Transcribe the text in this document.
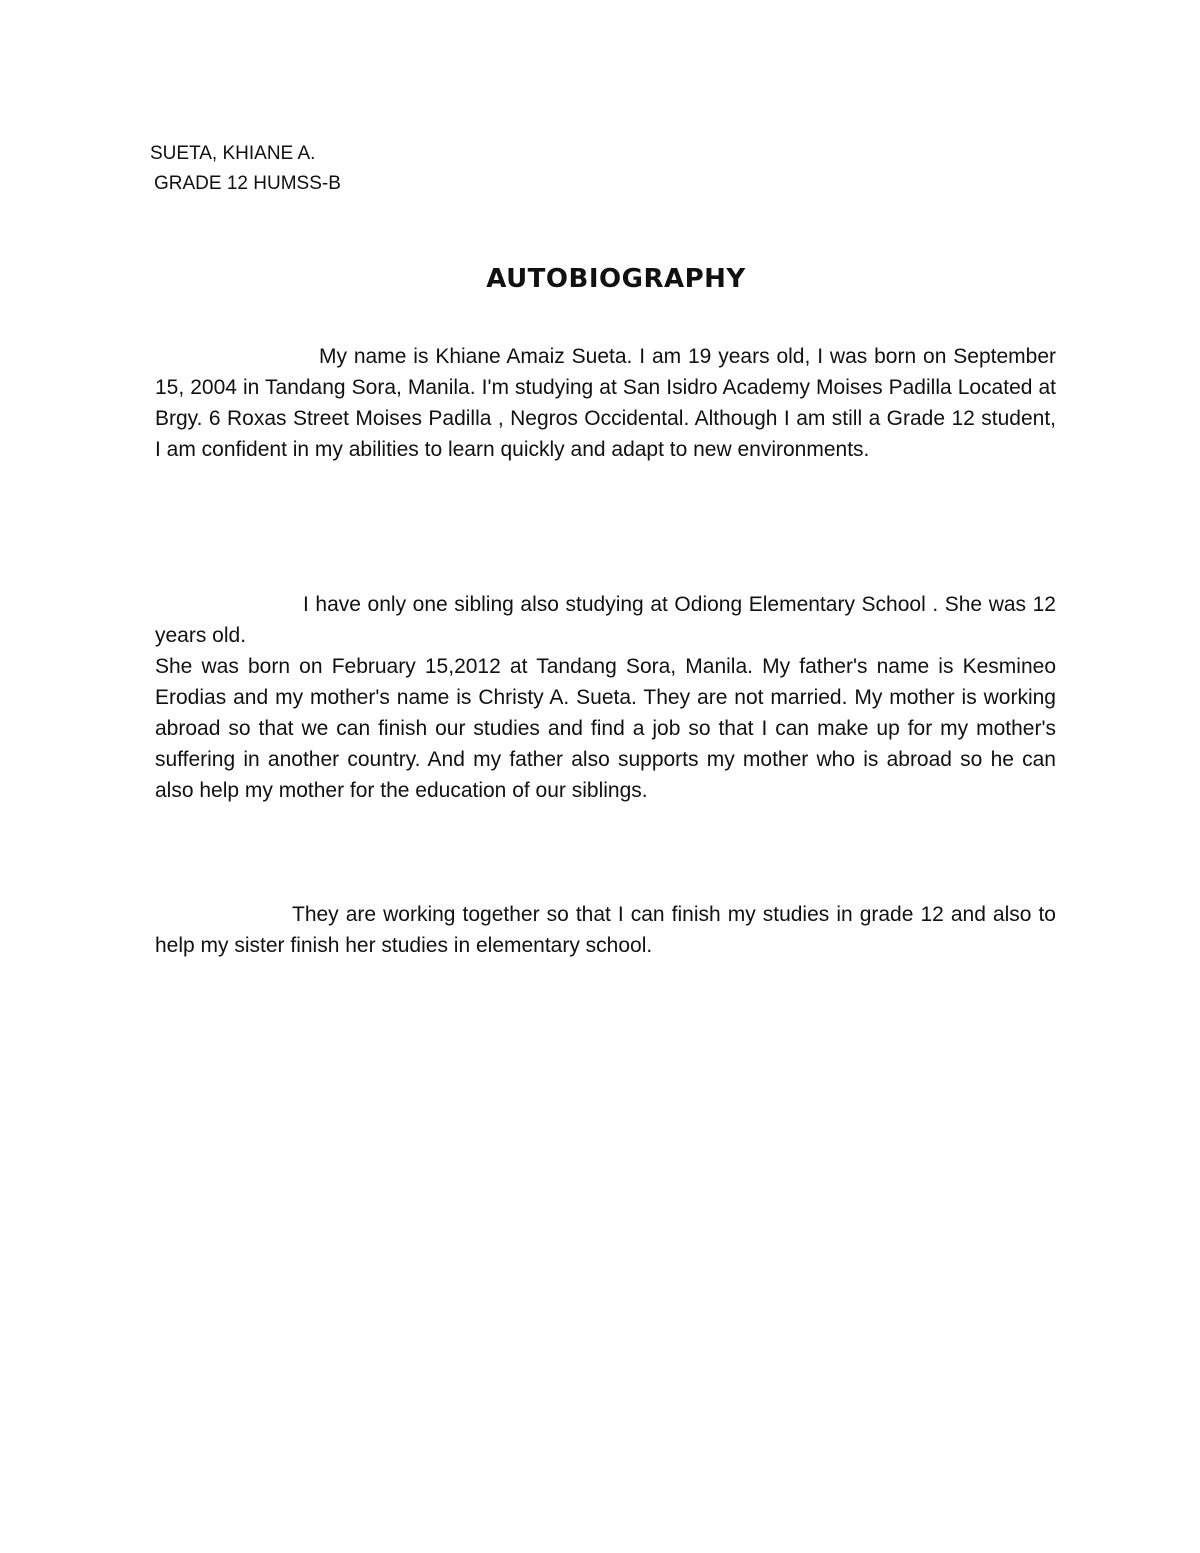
SUETA, KHIANE A.
GRADE 12 HUMSS-B
AUTOBIOGRAPHY

My name is Khiane Amaiz Sueta. I am 19 years old, I was born on September 15, 2004 in Tandang Sora, Manila. I'm studying at San Isidro Academy Moises Padilla Located at Brgy. 6 Roxas Street Moises Padilla , Negros Occidental. Although I am still a Grade 12 student, I am confident in my abilities to learn quickly and adapt to new environments.

I have only one sibling also studying at Odiong Elementary School . She was 12 years old.

She was born on February 15,2012 at Tandang Sora, Manila. My father's name is Kesmineo Erodias and my mother's name is Christy A. Sueta. They are not married. My mother is working abroad so that we can finish our studies and find a job so that I can make up for my mother's suffering in another country. And my father also supports my mother who is abroad so he can also help my mother for the education of our siblings.

They are working together so that I can finish my studies in grade 12 and also to help my sister finish her studies in elementary school.
